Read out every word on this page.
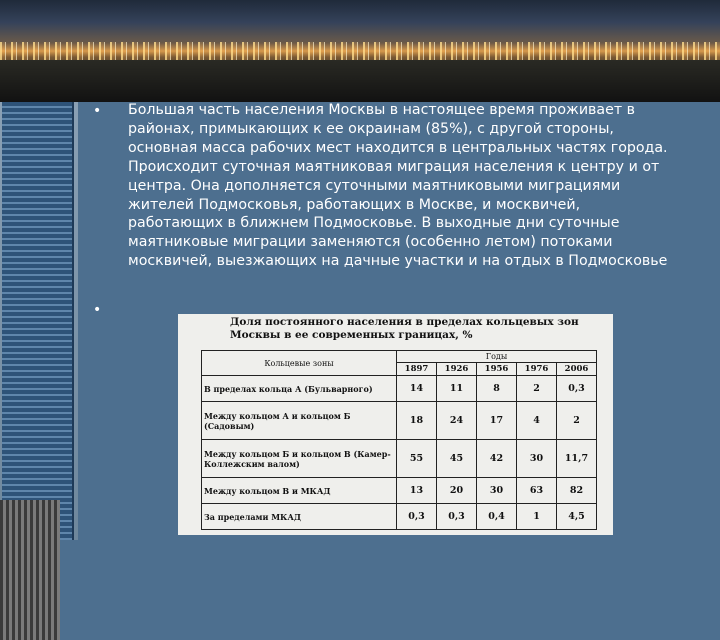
• Большая часть населения Москвы в настоящее время проживает в районах, примыкающих к ее окраинам (85%), с другой стороны, основная масса рабочих мест находится в центральных частях города. Происходит суточная маятниковая миграция населения к центру и от центра. Она дополняется суточными маятниковыми миграциями жителей Подмосковья, работающих в Москве, и москвичей, работающих в ближнем Подмосковье. В выходные дни суточные маятниковые миграции заменяются (особенно летом) потоками москвичей, выезжающих на дачные участки и на отдых в Подмосковье

•

Доля постоянного населения в пределах кольцевых зон Москвы в ее современных границах, %

Кольцевые зоны	Годы				
	1897	1926	1956	1976	2006
В пределах кольца А (Бульварного)	14	11	8	2	0,3
Между кольцом А и кольцом Б (Садовым)	18	24	17	4	2
Между кольцом Б и кольцом В (Камер-Коллежским валом)	55	45	42	30	11,7
Между кольцом В и МКАД	13	20	30	63	82
За пределами МКАД	0,3	0,3	0,4	1	4,5
